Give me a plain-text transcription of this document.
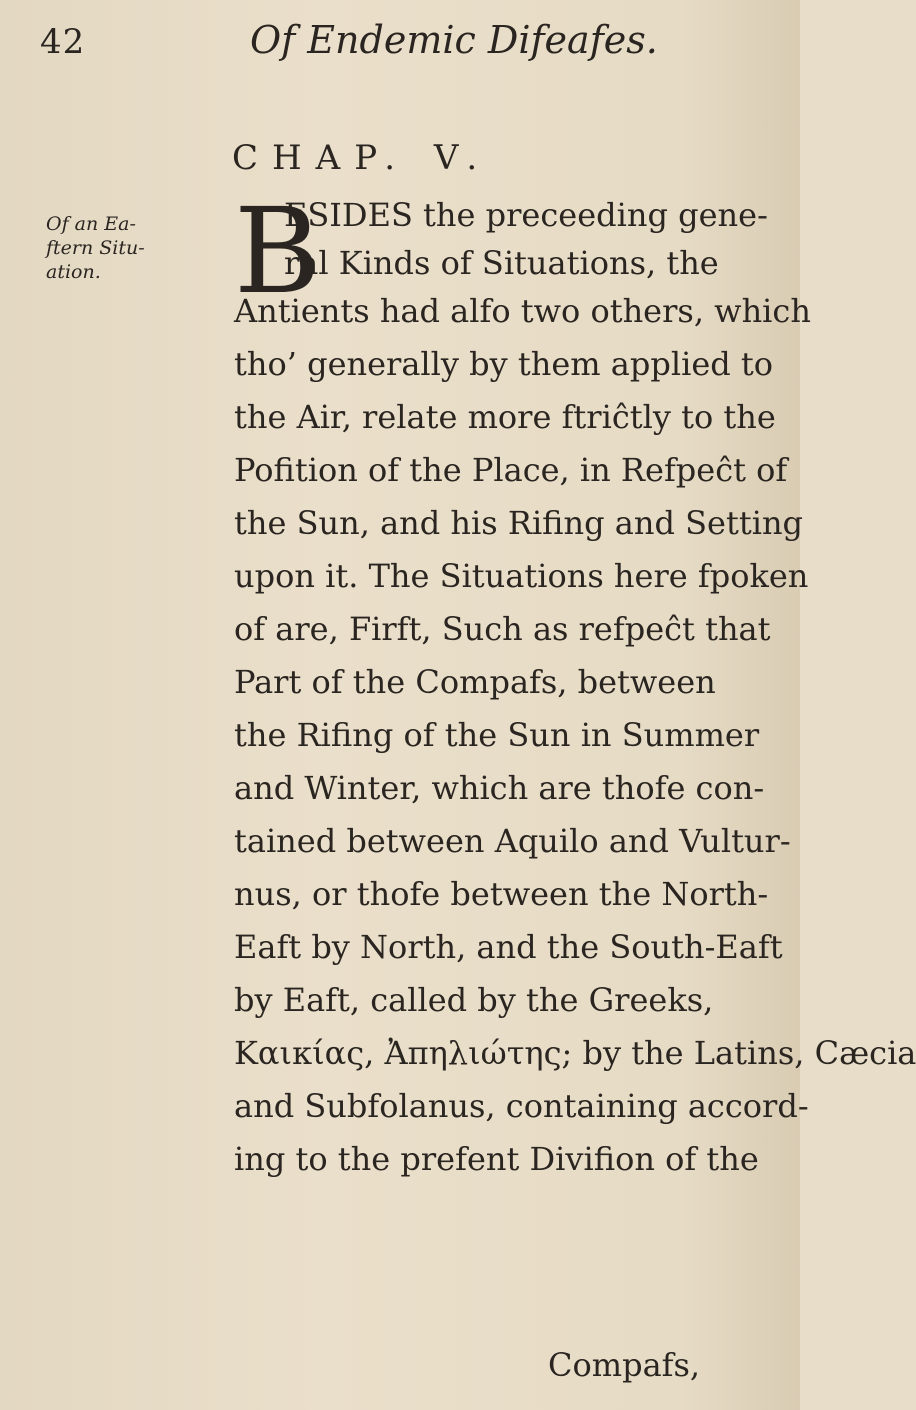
42	Of Endemic Difeafes.
CHAP. V.
Of an Ea-
ftern Situ-
ation.	B
ESIDES the preceeding gene-
ral Kinds of Situations, the
Antients had alfo two others, which
tho’ generally by them applied to
the Air, relate more ftriĉtly to the
Pofition of the Place, in Refpeĉt of
the Sun, and his Rifing and Setting
upon it. The Situations here fpoken
of are, Firft, Such as refpeĉt that
Part of the Compafs, between
the Rifing of the Sun in Summer
and Winter, which are thofe con-
tained between Aquilo and Vultur-
nus, or thofe between the North-
Eaft by North, and the South-Eaft
by Eaft, called by the Greeks,
Καικίας, Ἀπηλιώτης; by the Latins, Cæcia
and Subfolanus, containing accord-
ing to the prefent Divifion of the
Compafs,
